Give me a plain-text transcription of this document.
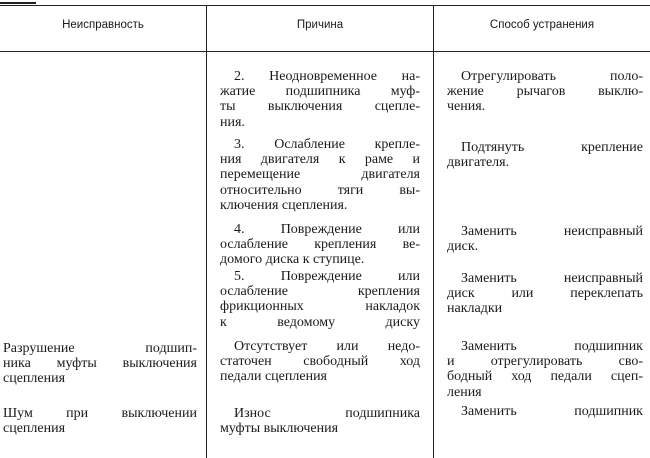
Неисправность	Причина	Способ устранения
2. Неодновременное на-
жатие подшипника муф-
ты выключения сцепле-
ния.
Отрегулировать поло-
жение рычагов выклю-
чения.
3. Ослабление крепле-
ния двигателя к раме и
перемещение двигателя
относительно тяги вы-
ключения сцепления.
Подтянуть крепление
двигателя.
4. Повреждение или
ослабление крепления ве-
домого диска к ступице.
Заменить неисправный
диск.
5. Повреждение или
ослабление крепления
фрикционных накладок
к ведомому диску
Заменить неисправный
диск или переклепать
накладки
Разрушение подшип-
ника муфты выключения
сцепления
Отсутствует или недо-
статочен свободный ход
педали сцепления
Заменить подшипник
и отрегулировать сво-
бодный ход педали сцеп-
ления
Шум при выключении
сцепления
Износ подшипника
муфты выключения
Заменить подшипник
